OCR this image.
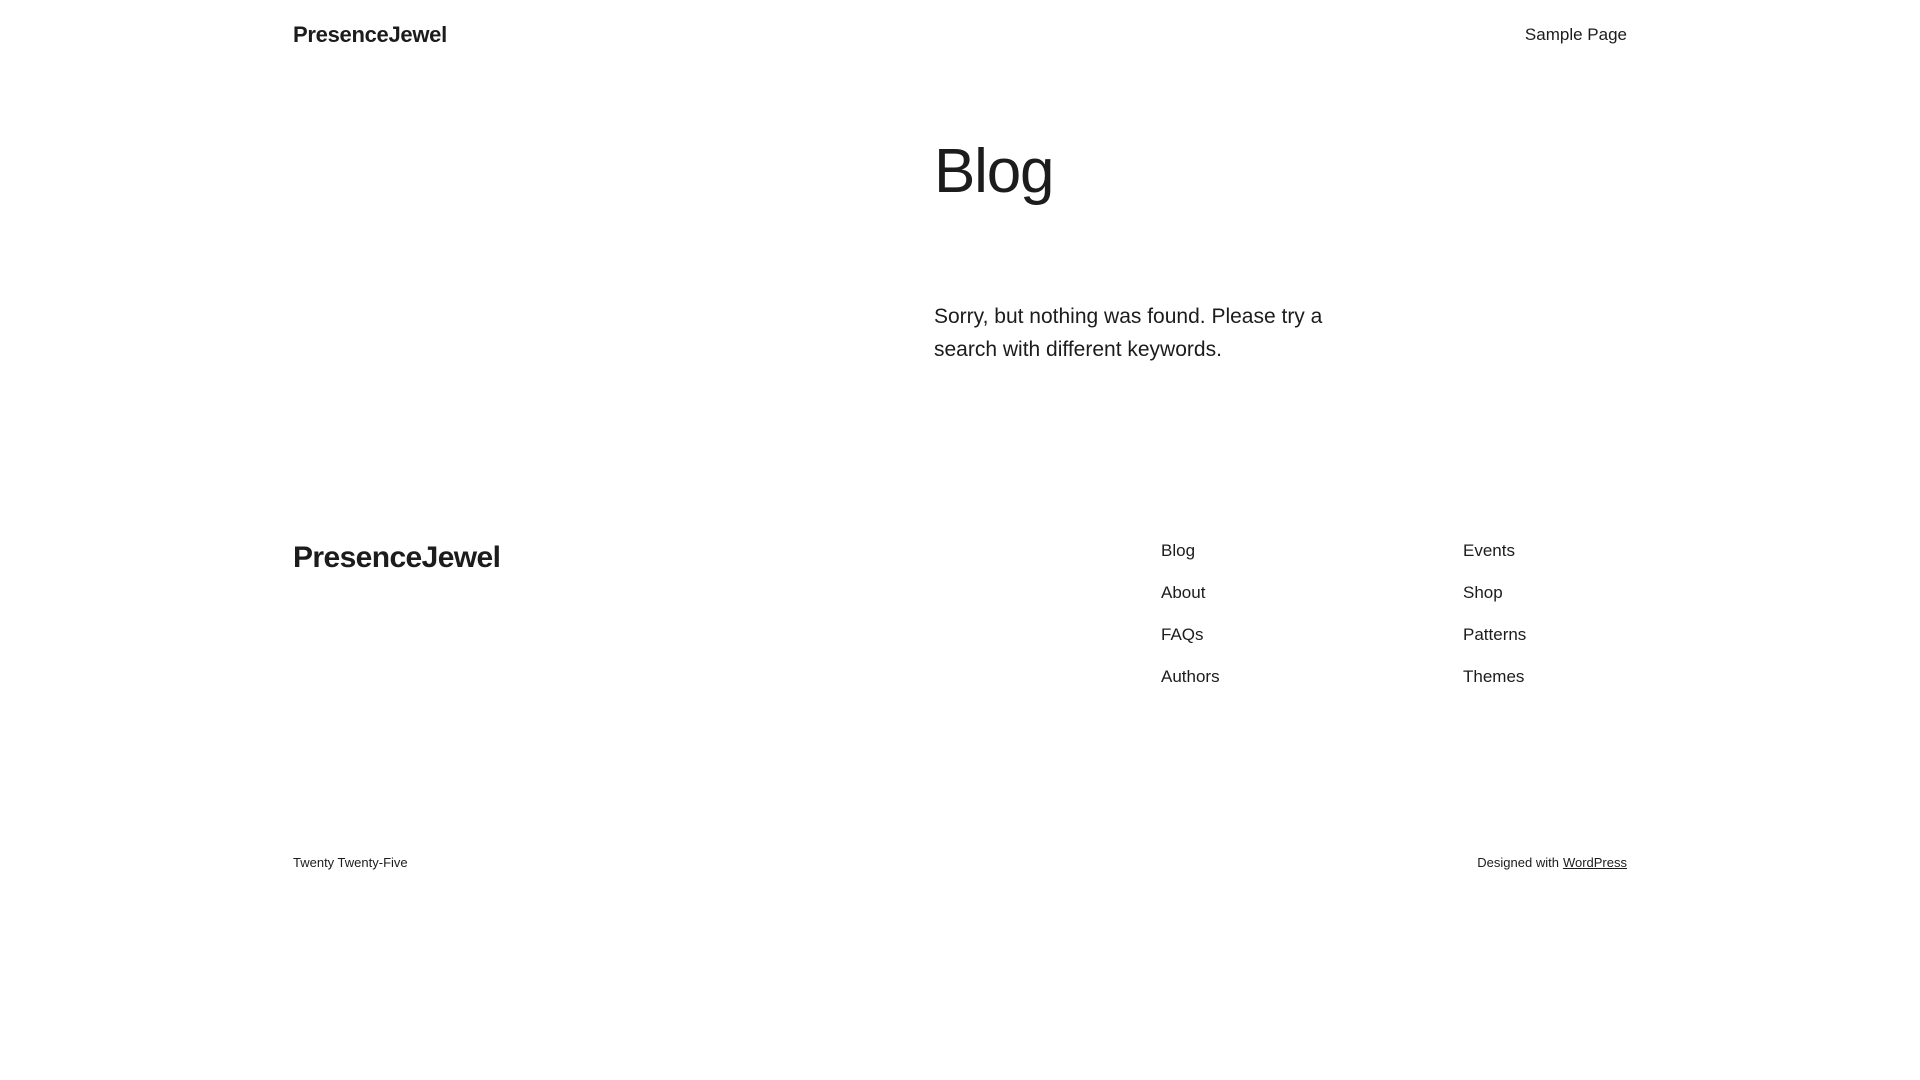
PresenceJewel	Sample Page
Blog

Sorry, but nothing was found. Please try a search with different keywords.

PresenceJewel	Blog
About
FAQs
Authors
Events
Shop
Patterns
Themes
Twenty Twenty-Five	Designed with WordPress
